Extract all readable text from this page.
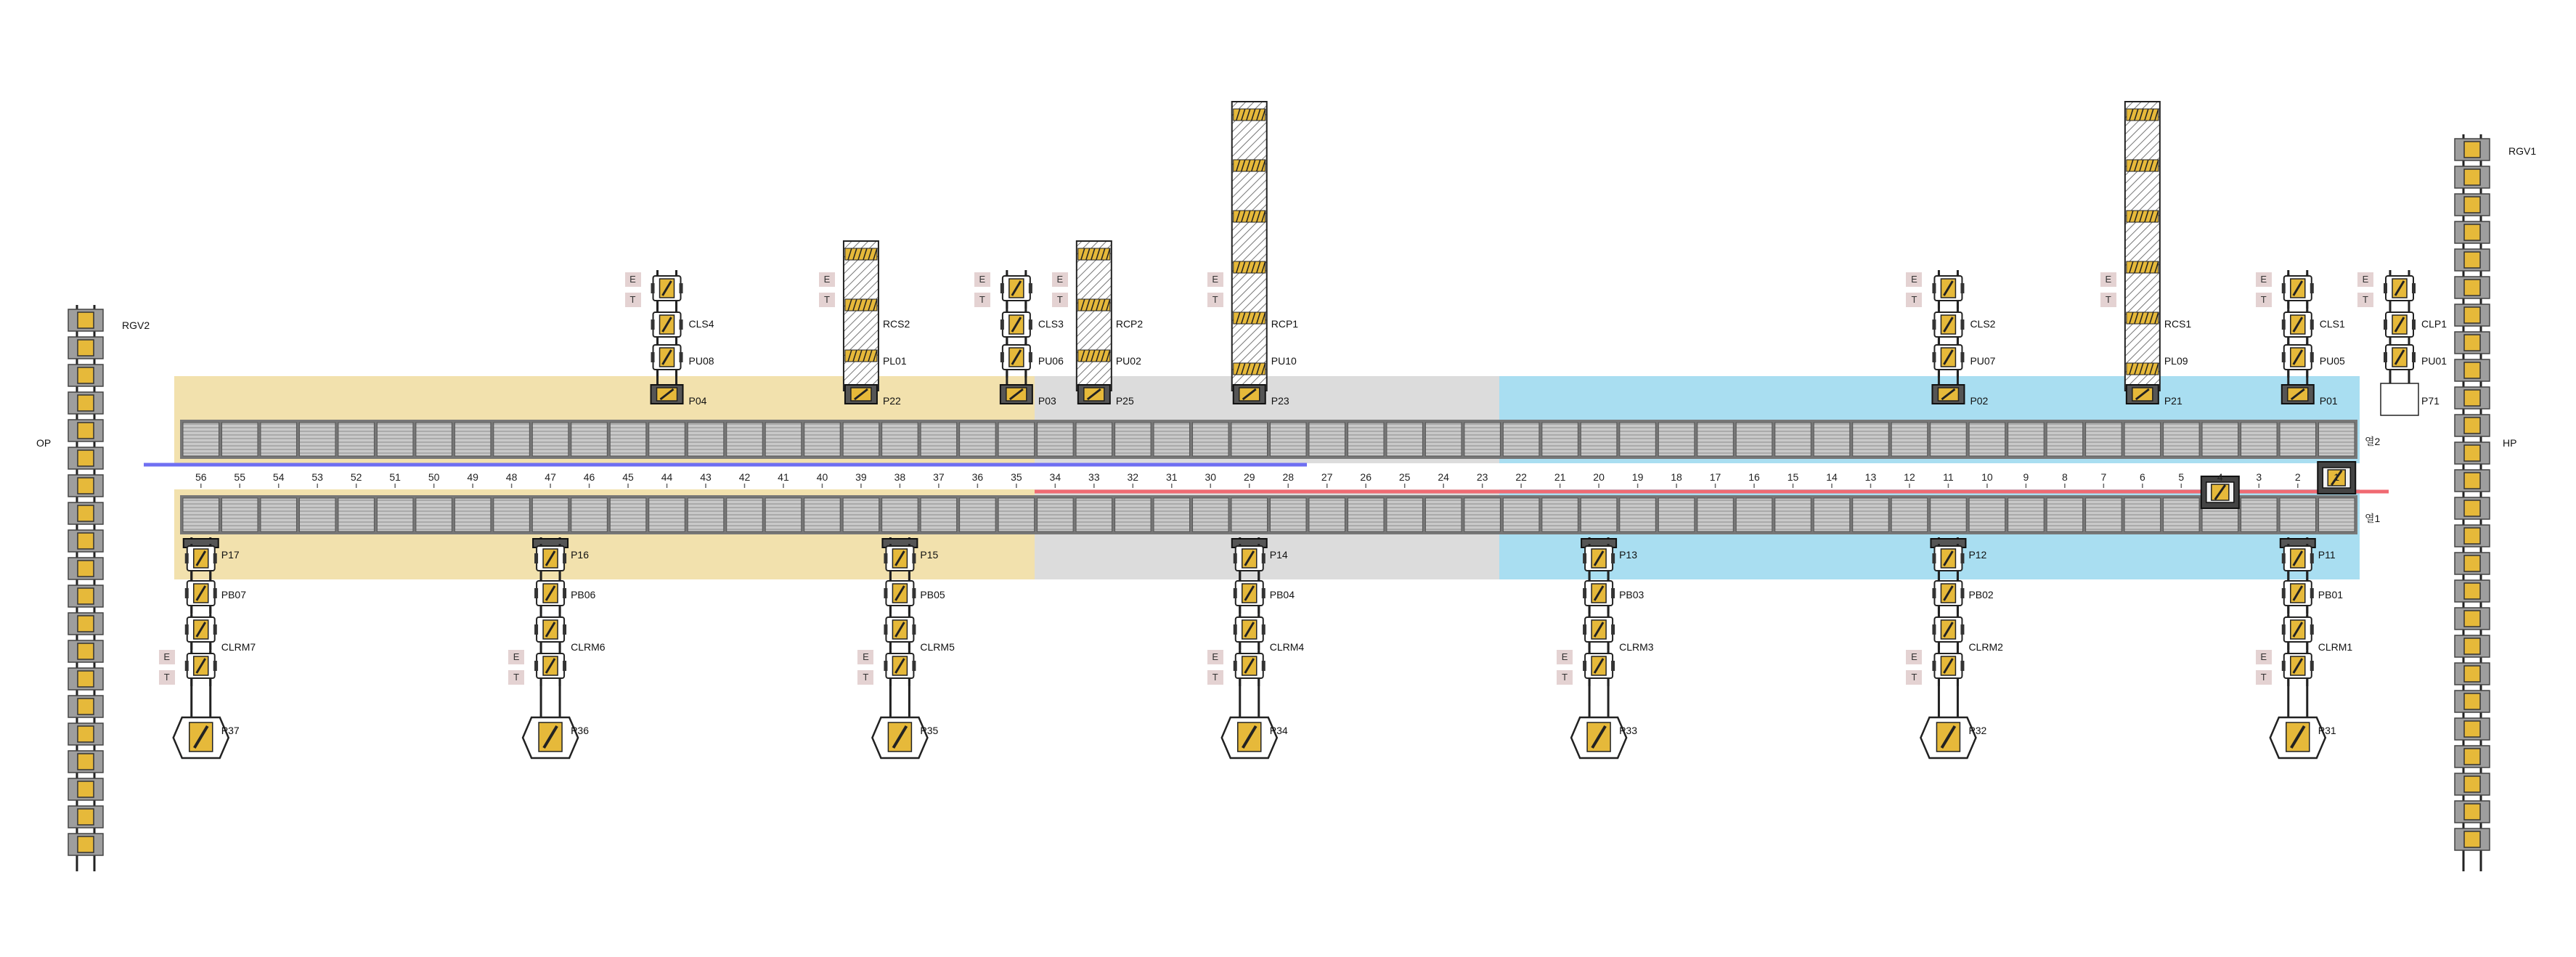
56	55	54	53	52	51	50	49	48	47	46	45	44	43	42	41	40	39	38	37	36	35	34	33	32	31	30	29	28	27	26	25	24	23	22	21	20	19	18	17	16	15	14	13	12	11	10	9	8	7	6	5	4	3	2	1
CLS4
PU08
P04
E
T
RCS2
PL01
P22
E
T
CLS3
PU06
P03
E
T
RCP2
PU02
P25
E
T
RCP1
PU10
P23
E
T
CLS2
PU07
P02
E
T
RCS1
PL09
P21
E
T
CLS1
PU05
P01
E
T
CLP1
PU01
P71
E
T
P17
PB07
CLRM7
P37
E
T
P16
PB06
CLRM6
P36
E
T
P15
PB05
CLRM5
P35
E
T
P14
PB04
CLRM4
P34
E
T
P13
PB03
CLRM3
P33
E
T
P12
PB02
CLRM2
P32
E
T
P11
PB01
CLRM1
P31
E
T
RGV2
OP
RGV1
HP
열2
열1
